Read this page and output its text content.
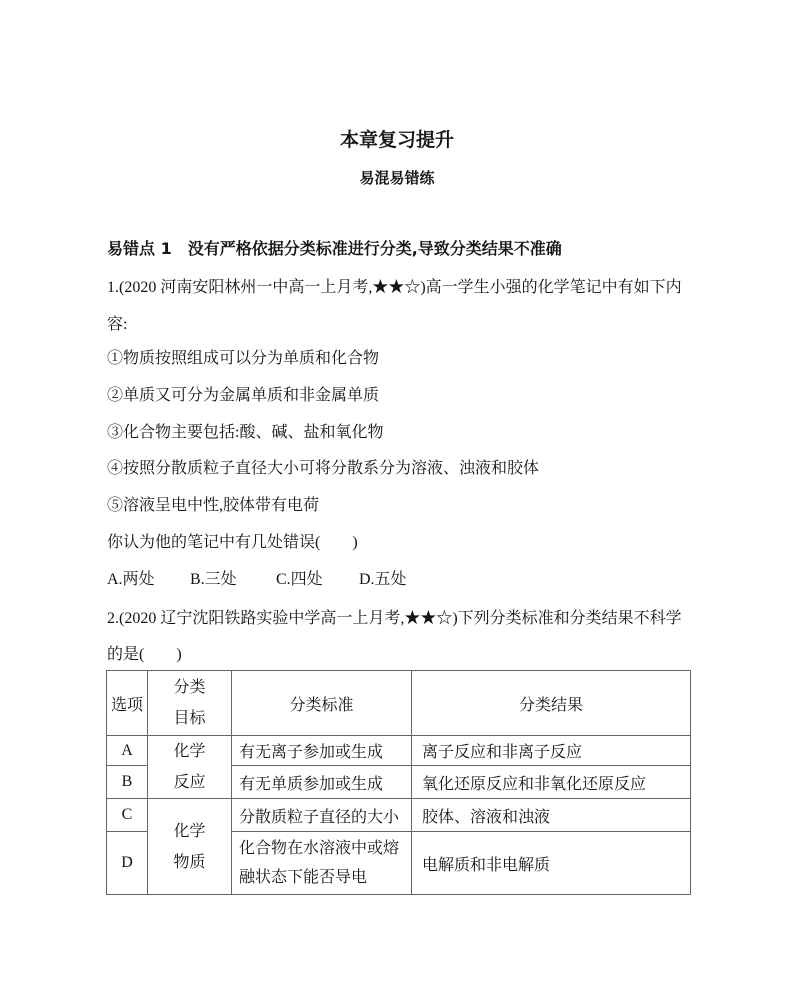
本章复习提升
易混易错练
易错点 1　没有严格依据分类标准进行分类,导致分类结果不准确
1.(2020 河南安阳林州一中高一上月考,★★☆)高一学生小强的化学笔记中有如下内
容:
①物质按照组成可以分为单质和化合物
②单质又可分为金属单质和非金属单质
③化合物主要包括:酸、碱、盐和氧化物
④按照分散质粒子直径大小可将分散系分为溶液、浊液和胶体
⑤溶液呈电中性,胶体带有电荷
你认为他的笔记中有几处错误(　　)
A.两处 B.三处 C.四处 D.五处
2.(2020 辽宁沈阳铁路实验中学高一上月考,★★☆)下列分类标准和分类结果不科学
的是(　　)
选项	分类目标	分类标准	分类结果
A	化学反应	有无离子参加或生成	离子反应和非离子反应
B		有无单质参加或生成	氧化还原反应和非氧化还原反应
C	化学物质	分散质粒子直径的大小	胶体、溶液和浊液
D		化合物在水溶液中或熔融状态下能否导电	电解质和非电解质
